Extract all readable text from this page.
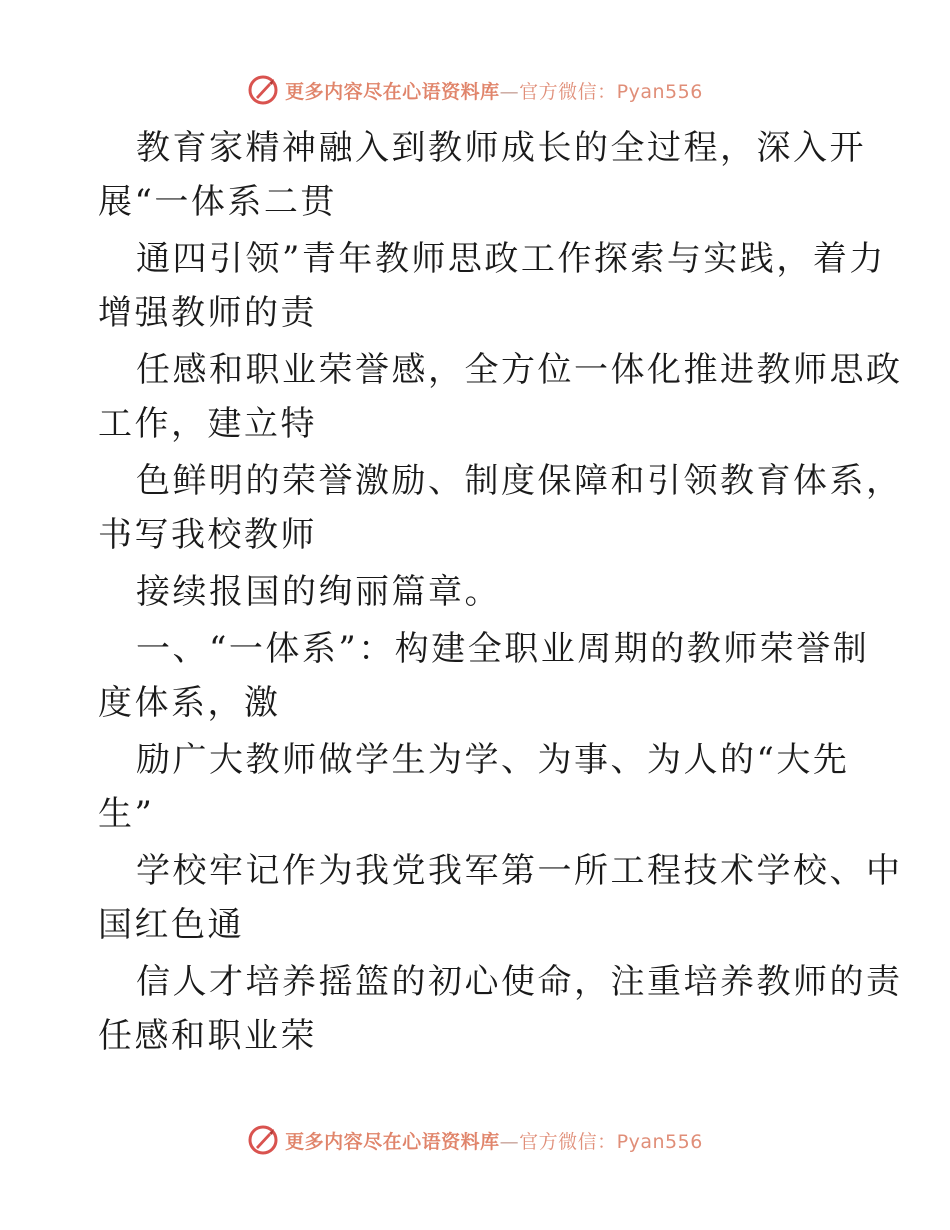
更多内容尽在心语资料库—官方微信：Pyan556
教育家精神融入到教师成长的全过程，深入开
展“一体系二贯
通四引领”青年教师思政工作探索与实践，着力
增强教师的责
任感和职业荣誉感，全方位一体化推进教师思政
工作，建立特
色鲜明的荣誉激励、制度保障和引领教育体系，
书写我校教师
接续报国的绚丽篇章。
一、“一体系”：构建全职业周期的教师荣誉制
度体系，激
励广大教师做学生为学、为事、为人的“大先
生”
学校牢记作为我党我军第一所工程技术学校、中
国红色通
信人才培养摇篮的初心使命，注重培养教师的责
任感和职业荣
更多内容尽在心语资料库—官方微信：Pyan556
